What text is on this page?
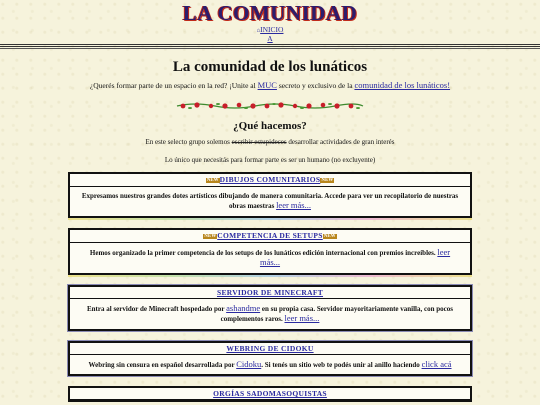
LA COMUNIDAD
⌂INICIO
A
La comunidad de los lunáticos

¿Querés formar parte de un espacio en la red? ¡Unite al MUC secreto y exclusivo de la comunidad de los lunáticos!

¿Qué hacemos?

En este selecto grupo solemos escribir estupideces desarrollar actividades de gran interés

Lo único que necesitás para formar parte es ser un humano (no excluyente)

NEWDIBUJOS COMUNITARIOSNEW
Expresamos nuestros grandes dotes artísticos dibujando de manera comunitaria. Accede para ver un recopilatorio de nuestras obras maestras leer más...
NEWCOMPETENCIA DE SETUPSNEW
Hemos organizado la primer competencia de los setups de los lunáticos edición internacional con premios increíbles. leer más...
SERVIDOR DE MINECRAFT
Entra al servidor de Minecraft hospedado por ashandme en su propia casa. Servidor mayoritariamente vanilla, con pocos complementos raros. leer más...
WEBRING DE CIDOKU
Webring sin censura en español desarrollada por Cidoku. Si tenés un sitio web te podés unir al anillo haciendo click acá
ORGÍAS SADOMASOQUISTAS
